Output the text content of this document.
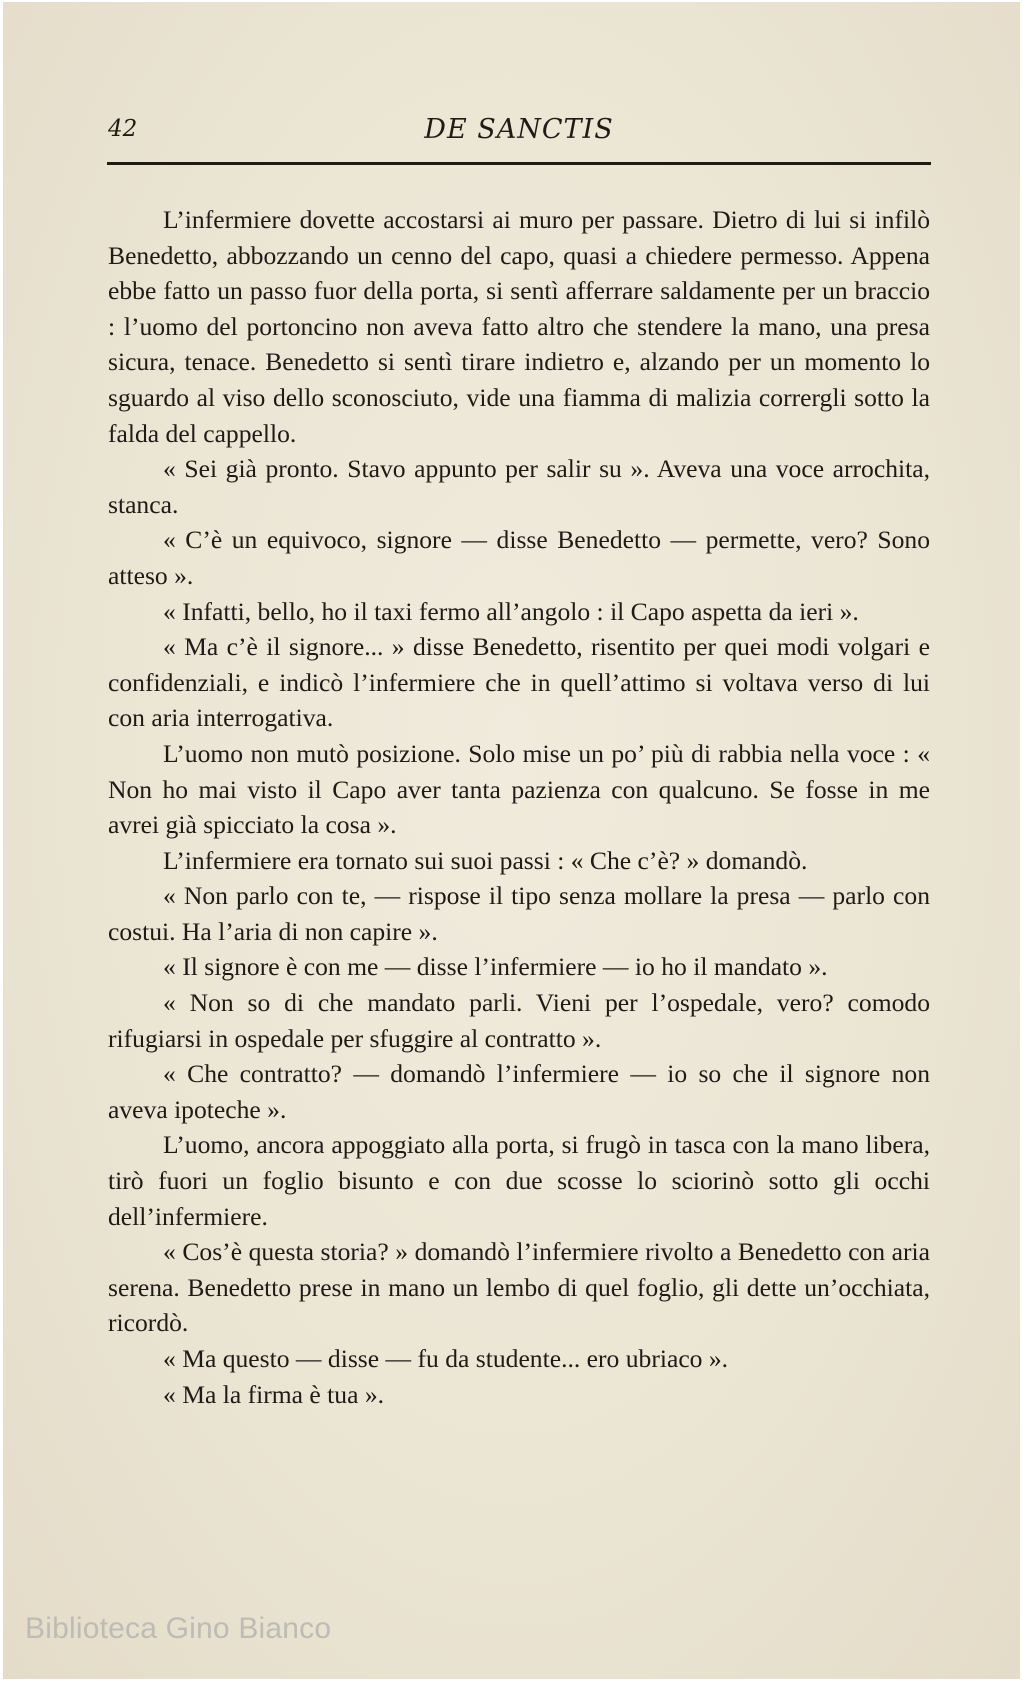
42	DE SANCTIS

L’infermiere dovette accostarsi ai muro per passare. Dietro di lui si infilò Benedetto, abbozzando un cenno del capo, quasi a chiedere permesso. Appena ebbe fatto un passo fuor della porta, si sentì afferrare saldamente per un braccio : l’uomo del portoncino non aveva fatto altro che stendere la mano, una presa sicura, tenace. Benedetto si sentì tirare indietro e, alzando per un momento lo sguardo al viso dello sconosciuto, vide una fiamma di malizia corrergli sotto la falda del cappello.

« Sei già pronto. Stavo appunto per salir su ». Aveva una voce arrochita, stanca.

« C’è un equivoco, signore — disse Benedetto — permette, vero? Sono atteso ».

« Infatti, bello, ho il taxi fermo all’angolo : il Capo aspetta da ieri ».

« Ma c’è il signore... » disse Benedetto, risentito per quei modi volgari e confidenziali, e indicò l’infermiere che in quell’attimo si voltava verso di lui con aria interrogativa.

L’uomo non mutò posizione. Solo mise un po’ più di rabbia nella voce : « Non ho mai visto il Capo aver tanta pazienza con qualcuno. Se fosse in me avrei già spicciato la cosa ».

L’infermiere era tornato sui suoi passi : « Che c’è? » domandò.

« Non parlo con te, — rispose il tipo senza mollare la presa — parlo con costui. Ha l’aria di non capire ».

« Il signore è con me — disse l’infermiere — io ho il mandato ».

« Non so di che mandato parli. Vieni per l’ospedale, vero? comodo rifugiarsi in ospedale per sfuggire al contratto ».

« Che contratto? — domandò l’infermiere — io so che il signore non aveva ipoteche ».

L’uomo, ancora appoggiato alla porta, si frugò in tasca con la mano libera, tirò fuori un foglio bisunto e con due scosse lo sciorinò sotto gli occhi dell’infermiere.

« Cos’è questa storia? » domandò l’infermiere rivolto a Benedetto con aria serena. Benedetto prese in mano un lembo di quel foglio, gli dette un’occhiata, ricordò.

« Ma questo — disse — fu da studente... ero ubriaco ».

« Ma la firma è tua ».

Biblioteca Gino Bianco
